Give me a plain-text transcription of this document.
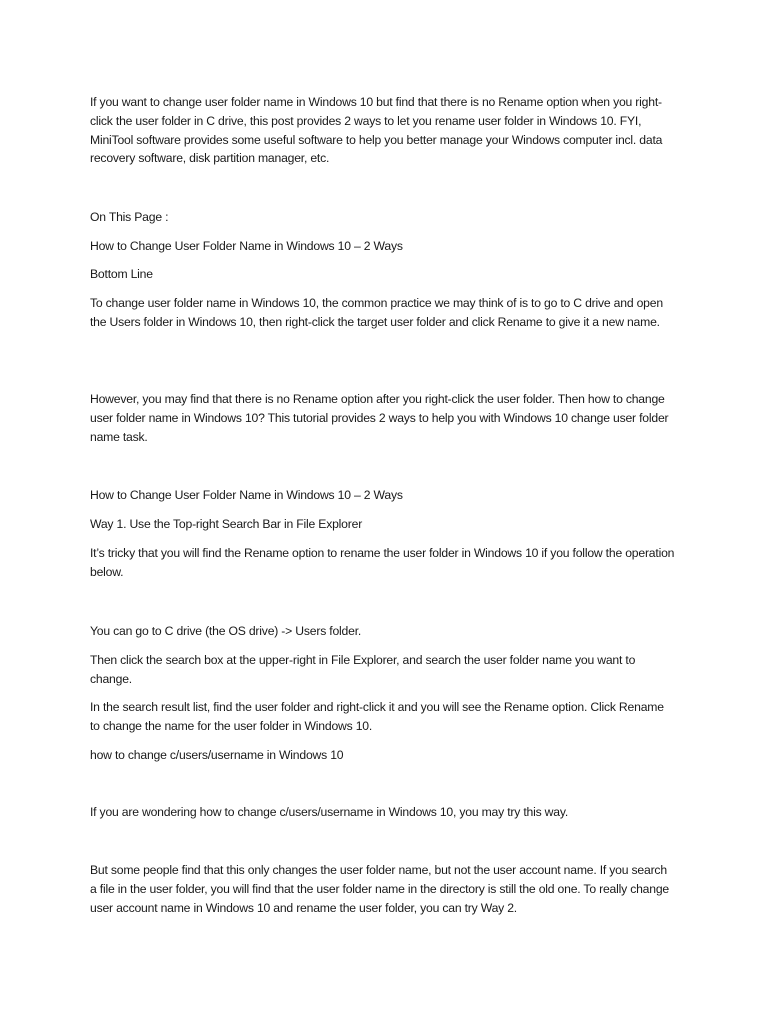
If you want to change user folder name in Windows 10 but find that there is no Rename option when you right-click the user folder in C drive, this post provides 2 ways to let you rename user folder in Windows 10. FYI, MiniTool software provides some useful software to help you better manage your Windows computer incl. data recovery software, disk partition manager, etc.

On This Page :

How to Change User Folder Name in Windows 10 – 2 Ways

Bottom Line

To change user folder name in Windows 10, the common practice we may think of is to go to C drive and open the Users folder in Windows 10, then right-click the target user folder and click Rename to give it a new name.

However, you may find that there is no Rename option after you right-click the user folder. Then how to change user folder name in Windows 10? This tutorial provides 2 ways to help you with Windows 10 change user folder name task.

How to Change User Folder Name in Windows 10 – 2 Ways

Way 1. Use the Top-right Search Bar in File Explorer

It’s tricky that you will find the Rename option to rename the user folder in Windows 10 if you follow the operation below.

You can go to C drive (the OS drive) -> Users folder.

Then click the search box at the upper-right in File Explorer, and search the user folder name you want to change.

In the search result list, find the user folder and right-click it and you will see the Rename option. Click Rename to change the name for the user folder in Windows 10.

how to change c/users/username in Windows 10

If you are wondering how to change c/users/username in Windows 10, you may try this way.

But some people find that this only changes the user folder name, but not the user account name. If you search a file in the user folder, you will find that the user folder name in the directory is still the old one. To really change user account name in Windows 10 and rename the user folder, you can try Way 2.
